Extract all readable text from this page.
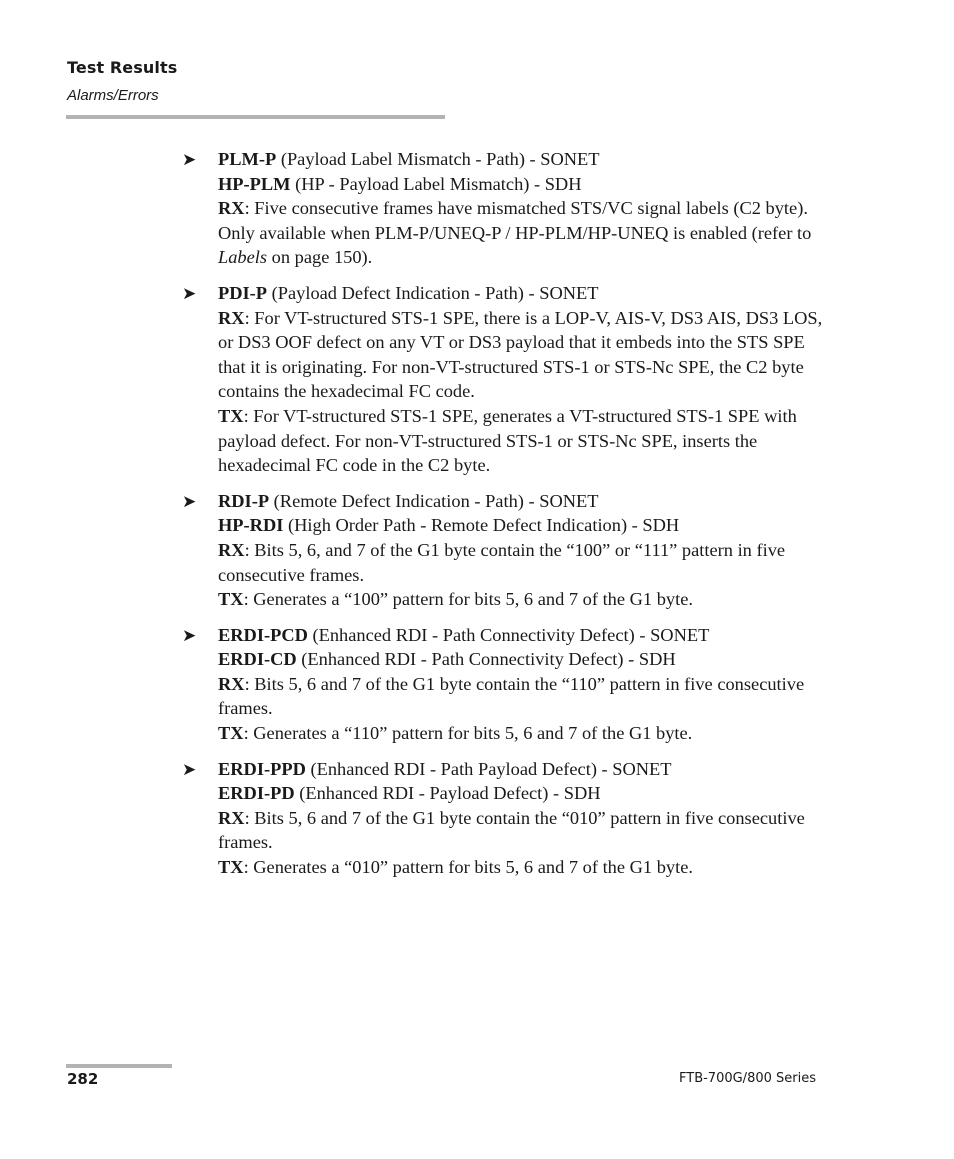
Test Results
Alarms/Errors
➤ PLM-P (Payload Label Mismatch - Path) - SONET

HP-PLM (HP - Payload Label Mismatch) - SDH

RX: Five consecutive frames have mismatched STS/VC signal labels (C2 byte). Only available when PLM-P/UNEQ-P / HP-PLM/HP-UNEQ is enabled (refer to Labels on page 150).

➤ PDI-P (Payload Defect Indication - Path) - SONET

RX: For VT-structured STS-1 SPE, there is a LOP-V, AIS-V, DS3 AIS, DS3 LOS, or DS3 OOF defect on any VT or DS3 payload that it embeds into the STS SPE that it is originating. For non-VT-structured STS-1 or STS-Nc SPE, the C2 byte contains the hexadecimal FC code.

TX: For VT-structured STS-1 SPE, generates a VT-structured STS-1 SPE with payload defect. For non-VT-structured STS-1 or STS-Nc SPE, inserts the hexadecimal FC code in the C2 byte.

➤ RDI-P (Remote Defect Indication - Path) - SONET

HP-RDI (High Order Path - Remote Defect Indication) - SDH

RX: Bits 5, 6, and 7 of the G1 byte contain the “100” or “111” pattern in five consecutive frames.

TX: Generates a “100” pattern for bits 5, 6 and 7 of the G1 byte.

➤ ERDI-PCD (Enhanced RDI - Path Connectivity Defect) - SONET

ERDI-CD (Enhanced RDI - Path Connectivity Defect) - SDH

RX: Bits 5, 6 and 7 of the G1 byte contain the “110” pattern in five consecutive frames.

TX: Generates a “110” pattern for bits 5, 6 and 7 of the G1 byte.

➤ ERDI-PPD (Enhanced RDI - Path Payload Defect) - SONET

ERDI-PD (Enhanced RDI - Payload Defect) - SDH

RX: Bits 5, 6 and 7 of the G1 byte contain the “010” pattern in five consecutive frames.

TX: Generates a “010” pattern for bits 5, 6 and 7 of the G1 byte.

282	FTB-700G/800 Series
